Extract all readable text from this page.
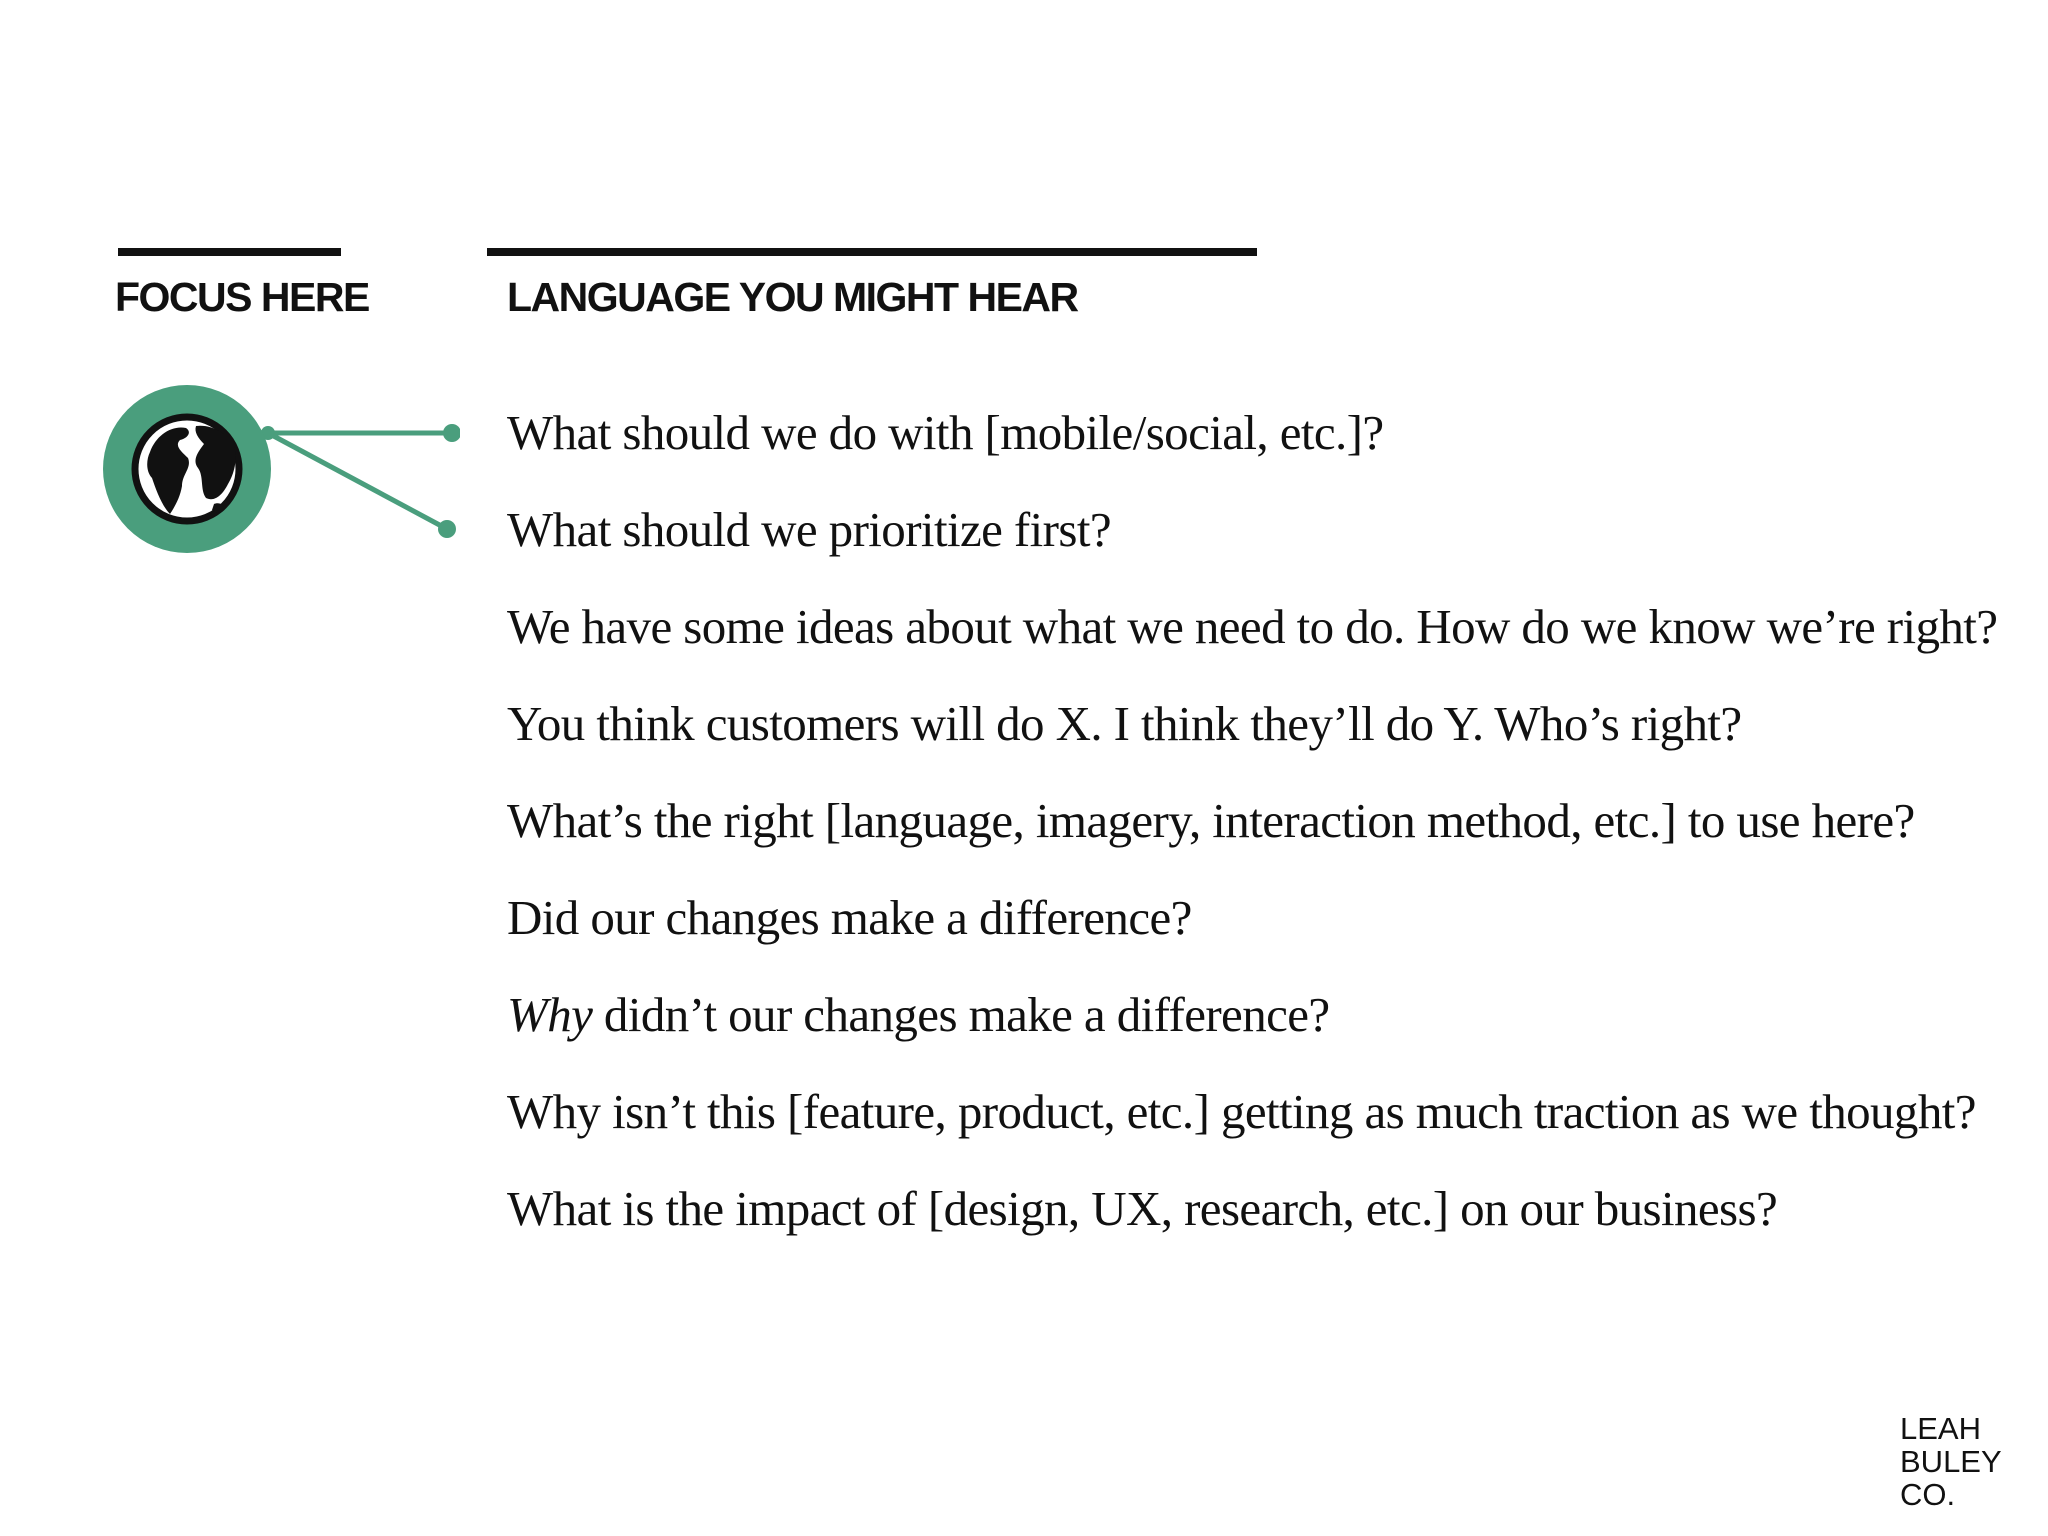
FOCUS HERE	LANGUAGE YOU MIGHT HEAR
What should we do with [mobile/social, etc.]?
What should we prioritize first?
We have some ideas about what we need to do. How do we know we’re right?
You think customers will do X. I think they’ll do Y. Who’s right?
What’s the right [language, imagery, interaction method, etc.] to use here?
Did our changes make a difference?
Why didn’t our changes make a difference?
Why isn’t this [feature, product, etc.] getting as much traction as we thought?
What is the impact of [design, UX, research, etc.] on our business?
LEAH
BULEY
CO.
